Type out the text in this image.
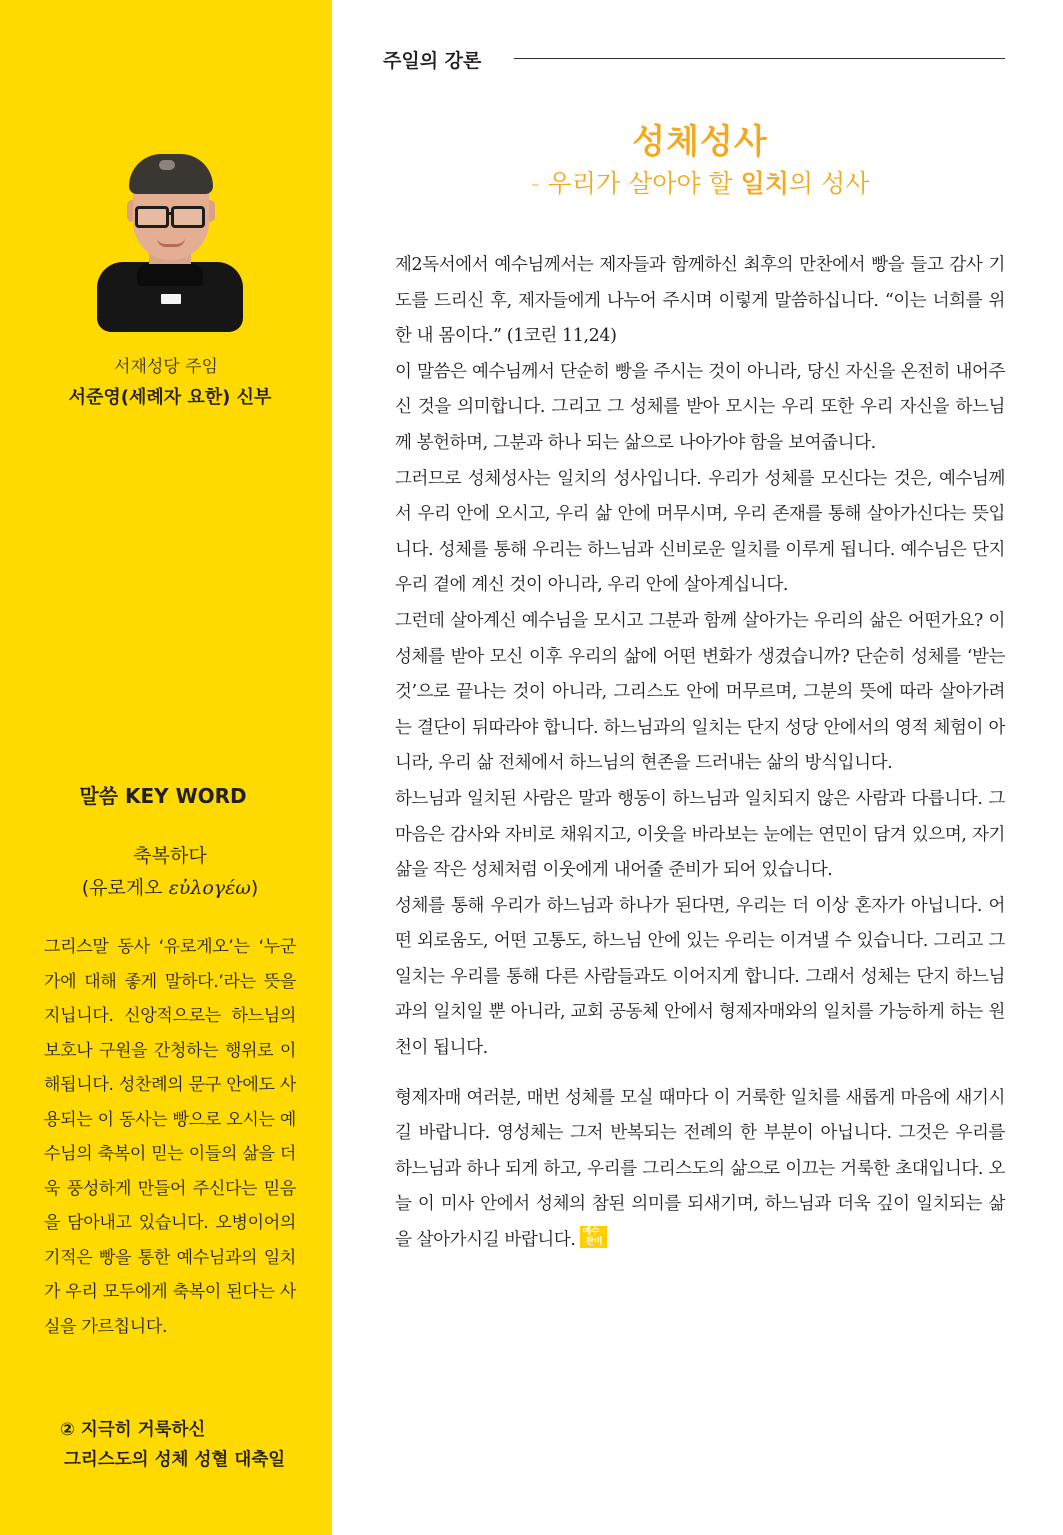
서재성당 주임
서준영(세례자 요한) 신부
말씀 KEY WORD
축복하다
(유로게오 εὐλογέω)
그리스말 동사 ‘유로게오’는 ‘누군가에 대해 좋게 말하다.’라는 뜻을 지닙니다. 신앙적으로는 하느님의 보호나 구원을 간청하는 행위로 이해됩니다. 성찬례의 문구 안에도 사용되는 이 동사는 빵으로 오시는 예수님의 축복이 믿는 이들의 삶을 더욱 풍성하게 만들어 주신다는 믿음을 담아내고 있습니다. 오병이어의 기적은 빵을 통한 예수님과의 일치가 우리 모두에게 축복이 된다는 사실을 가르칩니다.
② 지극히 거룩하신
그리스도의 성체 성혈 대축일
주일의 강론
성체성사
- 우리가 살아야 할 일치의 성사

제2독서에서 예수님께서는 제자들과 함께하신 최후의 만찬에서 빵을 들고 감사 기도를 드리신 후, 제자들에게 나누어 주시며 이렇게 말씀하십니다. “이는 너희를 위한 내 몸이다.” (1코린 11,24)

이 말씀은 예수님께서 단순히 빵을 주시는 것이 아니라, 당신 자신을 온전히 내어주신 것을 의미합니다. 그리고 그 성체를 받아 모시는 우리 또한 우리 자신을 하느님께 봉헌하며, 그분과 하나 되는 삶으로 나아가야 함을 보여줍니다.

그러므로 성체성사는 일치의 성사입니다. 우리가 성체를 모신다는 것은, 예수님께서 우리 안에 오시고, 우리 삶 안에 머무시며, 우리 존재를 통해 살아가신다는 뜻입니다. 성체를 통해 우리는 하느님과 신비로운 일치를 이루게 됩니다. 예수님은 단지 우리 곁에 계신 것이 아니라, 우리 안에 살아계십니다.

그런데 살아계신 예수님을 모시고 그분과 함께 살아가는 우리의 삶은 어떤가요? 이 성체를 받아 모신 이후 우리의 삶에 어떤 변화가 생겼습니까? 단순히 성체를 ‘받는 것’으로 끝나는 것이 아니라, 그리스도 안에 머무르며, 그분의 뜻에 따라 살아가려는 결단이 뒤따라야 합니다. 하느님과의 일치는 단지 성당 안에서의 영적 체험이 아니라, 우리 삶 전체에서 하느님의 현존을 드러내는 삶의 방식입니다.

하느님과 일치된 사람은 말과 행동이 하느님과 일치되지 않은 사람과 다릅니다. 그 마음은 감사와 자비로 채워지고, 이웃을 바라보는 눈에는 연민이 담겨 있으며, 자기 삶을 작은 성체처럼 이웃에게 내어줄 준비가 되어 있습니다.

성체를 통해 우리가 하느님과 하나가 된다면, 우리는 더 이상 혼자가 아닙니다. 어떤 외로움도, 어떤 고통도, 하느님 안에 있는 우리는 이겨낼 수 있습니다. 그리고 그 일치는 우리를 통해 다른 사람들과도 이어지게 합니다. 그래서 성체는 단지 하느님과의 일치일 뿐 아니라, 교회 공동체 안에서 형제자매와의 일치를 가능하게 하는 원천이 됩니다.

형제자매 여러분, 매번 성체를 모실 때마다 이 거룩한 일치를 새롭게 마음에 새기시길 바랍니다. 영성체는 그저 반복되는 전례의 한 부분이 아닙니다. 그것은 우리를 하느님과 하나 되게 하고, 우리를 그리스도의 삶으로 이끄는 거룩한 초대입니다. 오늘 이 미사 안에서 성체의 참된 의미를 되새기며, 하느님과 더욱 깊이 일치되는 삶을 살아가시길 바랍니다. 예수
찬미
